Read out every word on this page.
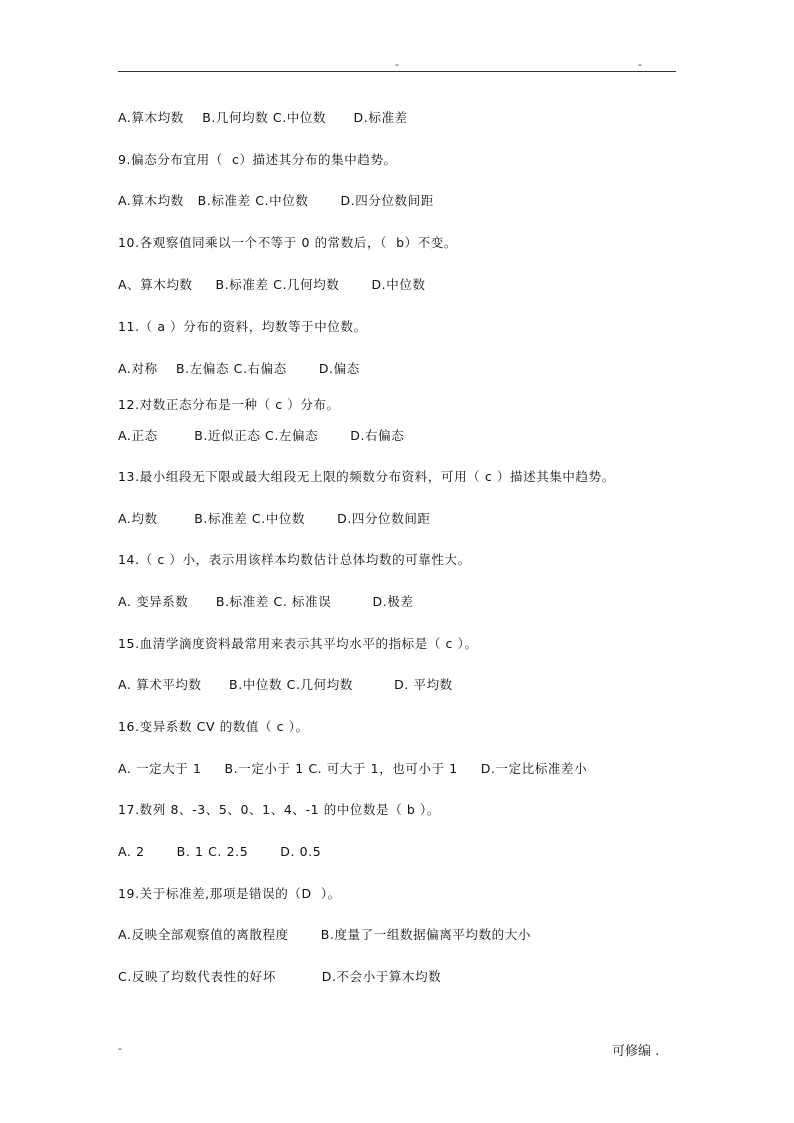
-	-
A.算木均数    B.几何均数 C.中位数      D.标准差
9.偏态分布宜用（  c）描述其分布的集中趋势。
A.算木均数   B.标准差 C.中位数       D.四分位数间距
10.各观察值同乘以一个不等于 0 的常数后，（  b）不变。
A、算木均数     B.标准差 C.几何均数       D.中位数
11.（ a ）分布的资料，均数等于中位数。
A.对称    B.左偏态 C.右偏态       D.偏态
12.对数正态分布是一种（ c ）分布。
A.正态        B.近似正态 C.左偏态       D.右偏态
13.最小组段无下限或最大组段无上限的频数分布资料，可用（ c ）描述其集中趋势。
A.均数        B.标准差 C.中位数       D.四分位数间距
14.（ c ）小，表示用该样本均数估计总体均数的可靠性大。
A. 变异系数      B.标准差 C. 标准误         D.极差
15.血清学滴度资料最常用来表示其平均水平的指标是（ c ）。
A. 算术平均数      B.中位数 C.几何均数         D. 平均数
16.变异系数 CV 的数值（ c ）。
A. 一定大于 1     B.一定小于 1 C. 可大于 1，也可小于 1     D.一定比标准差小
17.数列 8、-3、5、0、1、4、-1 的中位数是（ b ）。
A. 2       B. 1 C. 2.5       D. 0.5
19.关于标准差,那项是错误的（D  ）。
A.反映全部观察值的离散程度       B.度量了一组数据偏离平均数的大小
C.反映了均数代表性的好坏          D.不会小于算木均数
-	可修编 .
